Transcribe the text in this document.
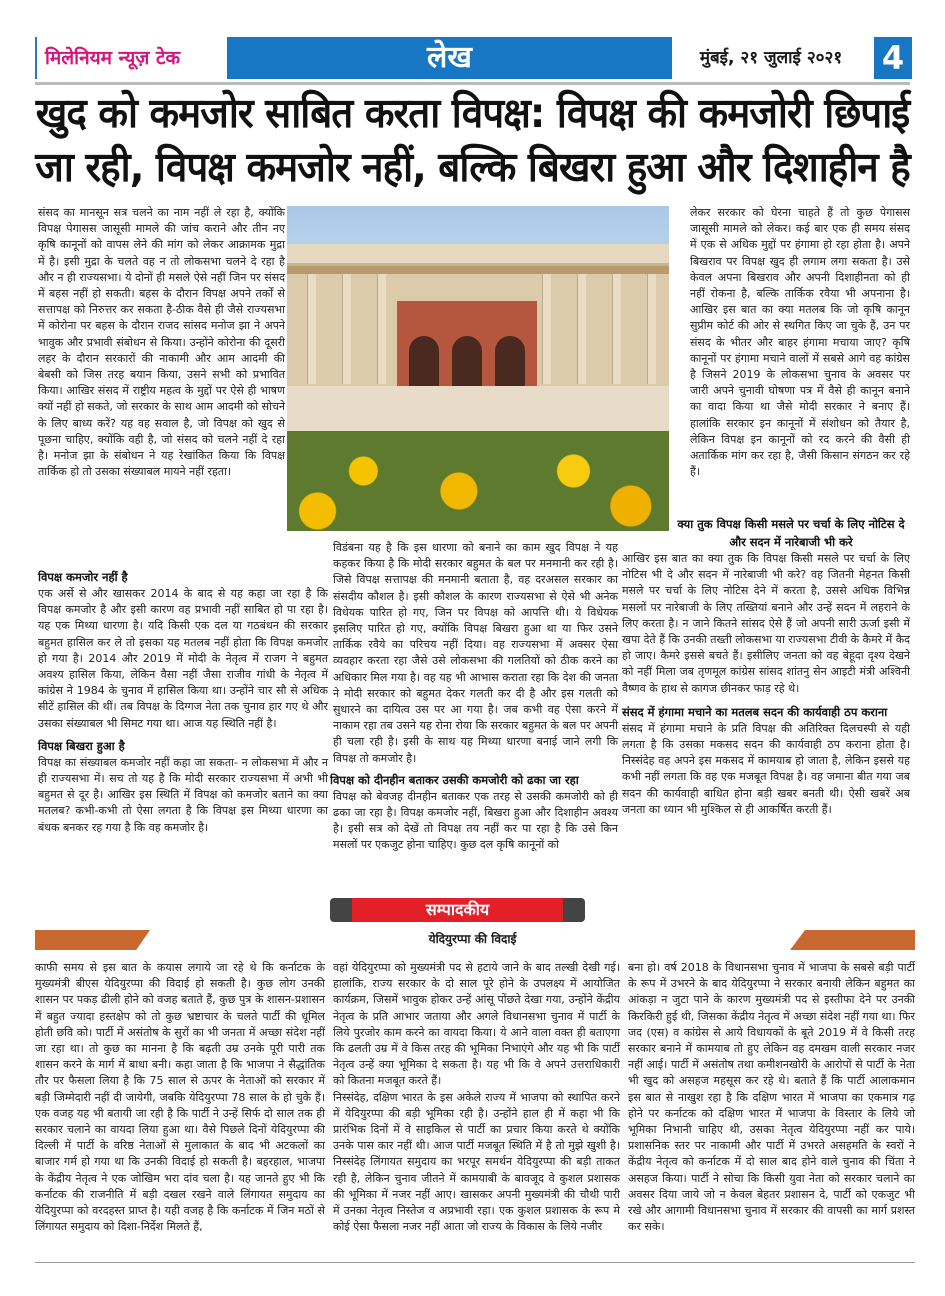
मिलेनियम न्यूज़ टेक	लेख	मुंबई, २१ जुलाई २०२१	4
खुद को कमजोर साबित करता विपक्ष: विपक्ष की कमजोरी छिपाई जा रही, विपक्ष कमजोर नहीं, बल्कि बिखरा हुआ और दिशाहीन है
संसद का मानसून सत्र चलने का नाम नहीं ले रहा है, क्योंकि विपक्ष पेगासस जासूसी मामले की जांच कराने और तीन नए कृषि कानूनों को वापस लेने की मांग को लेकर आक्रामक मुद्रा में है। इसी मुद्रा के चलते वह न तो लोकसभा चलने दे रहा है और न ही राज्यसभा। ये दोनों ही मसले ऐसे नहीं जिन पर संसद में बहस नहीं हो सकती। बहस के दौरान विपक्ष अपने तर्कों से सत्तापक्ष को निरुत्तर कर सकता है-ठीक वैसे ही जैसे राज्यसभा में कोरोना पर बहस के दौरान राजद सांसद मनोज झा ने अपने भावुक और प्रभावी संबोधन से किया। उन्होंने कोरोना की दूसरी लहर के दौरान सरकारों की नाकामी और आम आदमी की बेबसी को जिस तरह बयान किया, उसने सभी को प्रभावित किया। आखिर संसद में राष्ट्रीय महत्व के मुद्दों पर ऐसे ही भाषण क्यों नहीं हो सकते, जो सरकार के साथ आम आदमी को सोचने के लिए बाध्य करें? यह वह सवाल है, जो विपक्ष को खुद से पूछना चाहिए, क्योंकि वही है, जो संसद को चलने नहीं दे रहा है। मनोज झा के संबोधन ने यह रेखांकित किया कि विपक्ष तार्किक हो तो उसका संख्याबल मायने नहीं रहता।
विपक्ष कमजोर नहीं है
एक अर्से से और खासकर 2014 के बाद से यह कहा जा रहा है कि विपक्ष कमजोर है और इसी कारण वह प्रभावी नहीं साबित हो पा रहा है। यह एक मिथ्या धारणा है। यदि किसी एक दल या गठबंधन की सरकार बहुमत हासिल कर ले तो इसका यह मतलब नहीं होता कि विपक्ष कमजोर हो गया है। 2014 और 2019 में मोदी के नेतृत्व में राजग ने बहुमत अवश्य हासिल किया, लेकिन वैसा नहीं जैसा राजीव गांधी के नेतृत्व में कांग्रेस ने 1984 के चुनाव में हासिल किया था। उन्होंने चार सौ से अधिक सीटें हासिल की थीं। तब विपक्ष के दिग्गज नेता तक चुनाव हार गए थे और उसका संख्याबल भी सिमट गया था। आज यह स्थिति नहीं है।
विपक्ष बिखरा हुआ है
विपक्ष का संख्याबल कमजोर नहीं कहा जा सकता- न लोकसभा में और न ही राज्यसभा में। सच तो यह है कि मोदी सरकार राज्यसभा में अभी भी बहुमत से दूर है। आखिर इस स्थिति में विपक्ष को कमजोर बताने का क्या मतलब? कभी-कभी तो ऐसा लगता है कि विपक्ष इस मिथ्या धारणा का बंधक बनकर रह गया है कि वह कमजोर है।
विडंबना यह है कि इस धारणा को बनाने का काम खुद विपक्ष ने यह कहकर किया है कि मोदी सरकार बहुमत के बल पर मनमानी कर रही है। जिसे विपक्ष सत्तापक्ष की मनमानी बताता है, वह दरअसल सरकार का संसदीय कौशल है। इसी कौशल के कारण राज्यसभा से ऐसे भी अनेक विधेयक पारित हो गए, जिन पर विपक्ष को आपत्ति थी। ये विधेयक इसलिए पारित हो गए, क्योंकि विपक्ष बिखरा हुआ था या फिर उसने तार्किक रवैये का परिचय नहीं दिया। वह राज्यसभा में अक्सर ऐसा व्यवहार करता रहा जैसे उसे लोकसभा की गलतियों को ठीक करने का अधिकार मिल गया है। वह यह भी आभास कराता रहा कि देश की जनता ने मोदी सरकार को बहुमत देकर गलती कर दी है और इस गलती को सुधारने का दायित्व उस पर आ गया है। जब कभी वह ऐसा करने में नाकाम रहा तब उसने यह रोना रोया कि सरकार बहुमत के बल पर अपनी ही चला रही है। इसी के साथ यह मिथ्या धारणा बनाई जाने लगी कि विपक्ष तो कमजोर है।
विपक्ष को दीनहीन बताकर उसकी कमजोरी को ढका जा रहा
विपक्ष को बेवजह दीनहीन बताकर एक तरह से उसकी कमजोरी को ही ढका जा रहा है। विपक्ष कमजोर नहीं, बिखरा हुआ और दिशाहीन अवश्य है। इसी सत्र को देखें तो विपक्ष तय नहीं कर पा रहा है कि उसे किन मसलों पर एकजुट होना चाहिए। कुछ दल कृषि कानूनों को
लेकर सरकार को घेरना चाहते हैं तो कुछ पेगासस जासूसी मामले को लेकर। कई बार एक ही समय संसद में एक से अधिक मुद्दों पर हंगामा हो रहा होता है। अपने बिखराव पर विपक्ष खुद ही लगाम लगा सकता है। उसे केवल अपना बिखराव और अपनी दिशाहीनता को ही नहीं रोकना है, बल्कि तार्किक रवैया भी अपनाना है। आखिर इस बात का क्या मतलब कि जो कृषि कानून सुप्रीम कोर्ट की ओर से स्थगित किए जा चुके हैं, उन पर संसद के भीतर और बाहर हंगामा मचाया जाए? कृषि कानूनों पर हंगामा मचाने वालों में सबसे आगे वह कांग्रेस है जिसने 2019 के लोकसभा चुनाव के अवसर पर जारी अपने चुनावी घोषणा पत्र में वैसे ही कानून बनाने का वादा किया था जैसे मोदी सरकार ने बनाए हैं। हालांकि सरकार इन कानूनों में संशोधन को तैयार है, लेकिन विपक्ष इन कानूनों को रद करने की वैसी ही अतार्किक मांग कर रहा है, जैसी किसान संगठन कर रहे हैं।
क्या तुक विपक्ष किसी मसले पर चर्चा के लिए नोटिस दे और सदन में नारेबाजी भी करे
आखिर इस बात का क्या तुक कि विपक्ष किसी मसले पर चर्चा के लिए नोटिस भी दे और सदन में नारेबाजी भी करे? वह जितनी मेहनत किसी मसले पर चर्चा के लिए नोटिस देने में करता है, उससे अधिक विभिन्न मसलों पर नारेबाजी के लिए तख्तियां बनाने और उन्हें सदन में लहराने के लिए करता है। न जाने कितने सांसद ऐसे हैं जो अपनी सारी ऊर्जा इसी में खपा देते हैं कि उनकी तख्ती लोकसभा या राज्यसभा टीवी के कैमरे में कैद हो जाए। कैमरे इससे बचते हैं। इसीलिए जनता को वह बेहूदा दृश्य देखने को नहीं मिला जब तृणमूल कांग्रेस सांसद शांतनु सेन आइटी मंत्री अश्विनी वैष्णव के हाथ से कागज छीनकर फाड़ रहे थे।
संसद में हंगामा मचाने का मतलब सदन की कार्यवाही ठप कराना
संसद में हंगामा मचाने के प्रति विपक्ष की अतिरिक्त दिलचस्पी से यही लगता है कि उसका मकसद सदन की कार्यवाही ठप कराना होता है। निस्संदेह वह अपने इस मकसद में कामयाब हो जाता है, लेकिन इससे यह कभी नहीं लगता कि वह एक मजबूत विपक्ष है। वह जमाना बीत गया जब सदन की कार्यवाही बाधित होना बड़ी खबर बनती थी। ऐसी खबरें अब जनता का ध्यान भी मुश्किल से ही आकर्षित करती हैं।
सम्पादकीय
येदियुरप्पा की विदाई
काफी समय से इस बात के कयास लगाये जा रहे थे कि कर्नाटक के मुख्यमंत्री बीएस येदियुरप्पा की विदाई हो सकती है। कुछ लोग उनकी शासन पर पकड़ ढीली होने को वजह बताते हैं, कुछ पुत्र के शासन-प्रशासन में बहुत ज्यादा हस्तक्षेप को तो कुछ भ्रष्टाचार के चलते पार्टी की धूमिल होती छवि को। पार्टी में असंतोष के सुरों का भी जनता में अच्छा संदेश नहीं जा रहा था। तो कुछ का मानना है कि बढ़ती उम्र उनके पूरी पारी तक शासन करने के मार्ग में बाधा बनी। कहा जाता है कि भाजपा ने सैद्धांतिक तौर पर फैसला लिया है कि 75 साल से ऊपर के नेताओं को सरकार में बड़ी जिम्मेदारी नहीं दी जायेगी, जबकि येदियुरप्पा 78 साल के हो चुके हैं। एक वजह यह भी बतायी जा रही है कि पार्टी ने उन्हें सिर्फ दो साल तक ही सरकार चलाने का वायदा लिया हुआ था। वैसे पिछले दिनों येदियुरप्पा की दिल्ली में पार्टी के वरिष्ठ नेताओं से मुलाकात के बाद भी अटकलों का बाजार गर्म हो गया था कि उनकी विदाई हो सकती है। बहरहाल, भाजपा के केंद्रीय नेतृत्व ने एक जोखिम भरा दांव चला है। यह जानते हुए भी कि कर्नाटक की राजनीति में बड़ी दखल रखने वाले लिंगायत समुदाय का येदियुरप्पा को वरदहस्त प्राप्त है। यही वजह है कि कर्नाटक में जिन मठों से लिंगायत समुदाय को दिशा-निर्देश मिलते हैं,
वहां येदियुरप्पा को मुख्यमंत्री पद से हटाये जाने के बाद तल्खी देखी गई। हालांकि, राज्य सरकार के दो साल पूरे होने के उपलक्ष्य में आयोजित कार्यक्रम, जिसमें भावुक होकर उन्हें आंसू पोंछते देखा गया, उन्होंने केंद्रीय नेतृत्व के प्रति आभार जताया और अगले विधानसभा चुनाव में पार्टी के लिये पुरजोर काम करने का वायदा किया। ये आने वाला वक्त ही बताएगा कि ढलती उम्र में वे किस तरह की भूमिका निभाएंगे और यह भी कि पार्टी नेतृत्व उन्हें क्या भूमिका दे सकता है। यह भी कि वे अपने उत्तराधिकारी को कितना मजबूत करते हैं।
निस्संदेह, दक्षिण भारत के इस अकेले राज्य में भाजपा को स्थापित करने में येदियुरप्पा की बड़ी भूमिका रही है। उन्होंने हाल ही में कहा भी कि प्रारंभिक दिनों में वे साइकिल से पार्टी का प्रचार किया करते थे क्योंकि उनके पास कार नहीं थी। आज पार्टी मजबूत स्थिति में है तो मुझे खुशी है। निस्संदेह लिंगायत समुदाय का भरपूर समर्थन येदियुरप्पा की बड़ी ताकत रही है, लेकिन चुनाव जीतने में कामयाबी के बावजूद वे कुशल प्रशासक की भूमिका में नजर नहीं आए। खासकर अपनी मुख्यमंत्री की चौथी पारी में उनका नेतृत्व निस्तेज व अप्रभावी रहा। एक कुशल प्रशासक के रूप मे कोई ऐसा फैसला नजर नहीं आता जो राज्य के विकास के लिये नजीर
बना हो। वर्ष 2018 के विधानसभा चुनाव में भाजपा के सबसे बड़ी पार्टी के रूप में उभरने के बाद येदियुरप्पा ने सरकार बनायी लेकिन बहुमत का आंकड़ा न जुटा पाने के कारण मुख्यमंत्री पद से इस्तीफा देने पर उनकी किरकिरी हुई थी, जिसका केंद्रीय नेतृत्व में अच्छा संदेश नहीं गया था। फिर जद (एस) व कांग्रेस से आये विधायकों के बूते 2019 में वे किसी तरह सरकार बनाने में कामयाब तो हुए लेकिन वह दमखम वाली सरकार नजर नहीं आई। पार्टी में असंतोष तथा कमीशनखोरी के आरोपों से पार्टी के नेता भी खुद को असहज महसूस कर रहे थे। बताते हैं कि पार्टी आलाकमान इस बात से नाखुश रहा है कि दक्षिण भारत में भाजपा का एकमात्र गढ़ होने पर कर्नाटक को दक्षिण भारत में भाजपा के विस्तार के लिये जो भूमिका निभानी चाहिए थी, उसका नेतृत्व येदियुरप्पा नहीं कर पाये। प्रशासनिक स्तर पर नाकामी और पार्टी में उभरते असहमति के स्वरों ने केंद्रीय नेतृत्व को कर्नाटक में दो साल बाद होने वाले चुनाव की चिंता ने असहज किया। पार्टी ने सोचा कि किसी युवा नेता को सरकार चलाने का अवसर दिया जाये जो न केवल बेहतर प्रशासन दे, पार्टी को एकजुट भी रखे और आगामी विधानसभा चुनाव में सरकार की वापसी का मार्ग प्रशस्त कर सके।
